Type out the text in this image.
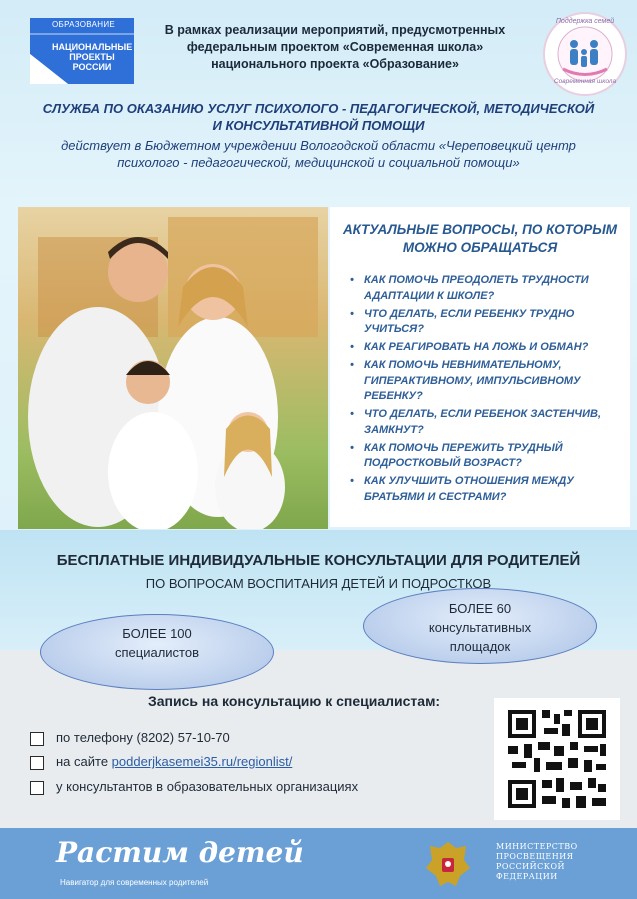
ОБРАЗОВАНИЕ
НАЦИОНАЛЬНЫЕ ПРОЕКТЫ РОССИИ
В рамках реализации мероприятий, предусмотренных федеральным проектом «Современная школа» национального проекта «Образование»
Поддержка семей
Современная школа
СЛУЖБА ПО ОКАЗАНИЮ УСЛУГ ПСИХОЛОГО - ПЕДАГОГИЧЕСКОЙ, МЕТОДИЧЕСКОЙ И КОНСУЛЬТАТИВНОЙ ПОМОЩИ
действует в Бюджетном учреждении Вологодской области «Череповецкий центр психолого - педагогической, медицинской и социальной помощи»
АКТУАЛЬНЫЕ ВОПРОСЫ, ПО КОТОРЫМ МОЖНО ОБРАЩАТЬСЯ
• КАК ПОМОЧЬ ПРЕОДОЛЕТЬ ТРУДНОСТИ АДАПТАЦИИ К ШКОЛЕ?
• ЧТО ДЕЛАТЬ, ЕСЛИ РЕБЕНКУ ТРУДНО УЧИТЬСЯ?
• КАК РЕАГИРОВАТЬ НА ЛОЖЬ И ОБМАН?
• КАК ПОМОЧЬ НЕВНИМАТЕЛЬНОМУ, ГИПЕРАКТИВНОМУ, ИМПУЛЬСИВНОМУ РЕБЕНКУ?
• ЧТО ДЕЛАТЬ, ЕСЛИ РЕБЕНОК ЗАСТЕНЧИВ, ЗАМКНУТ?
• КАК ПОМОЧЬ ПЕРЕЖИТЬ ТРУДНЫЙ ПОДРОСТКОВЫЙ ВОЗРАСТ?
• КАК УЛУЧШИТЬ ОТНОШЕНИЯ МЕЖДУ БРАТЬЯМИ И СЕСТРАМИ?
БЕСПЛАТНЫЕ ИНДИВИДУАЛЬНЫЕ КОНСУЛЬТАЦИИ ДЛЯ РОДИТЕЛЕЙ
ПО ВОПРОСАМ ВОСПИТАНИЯ ДЕТЕЙ И ПОДРОСТКОВ
Запись на консультацию к специалистам:
по телефону (8202) 57-10-70
на сайте podderjkasemei35.ru/regionlist/
у консультантов в образовательных организациях
БОЛЕЕ 100
специалистов
БОЛЕЕ 60
консультативных
площадок
Растим детей
Навигатор для современных родителей
МИНИСТЕРСТВО ПРОСВЕЩЕНИЯ РОССИЙСКОЙ ФЕДЕРАЦИИ
